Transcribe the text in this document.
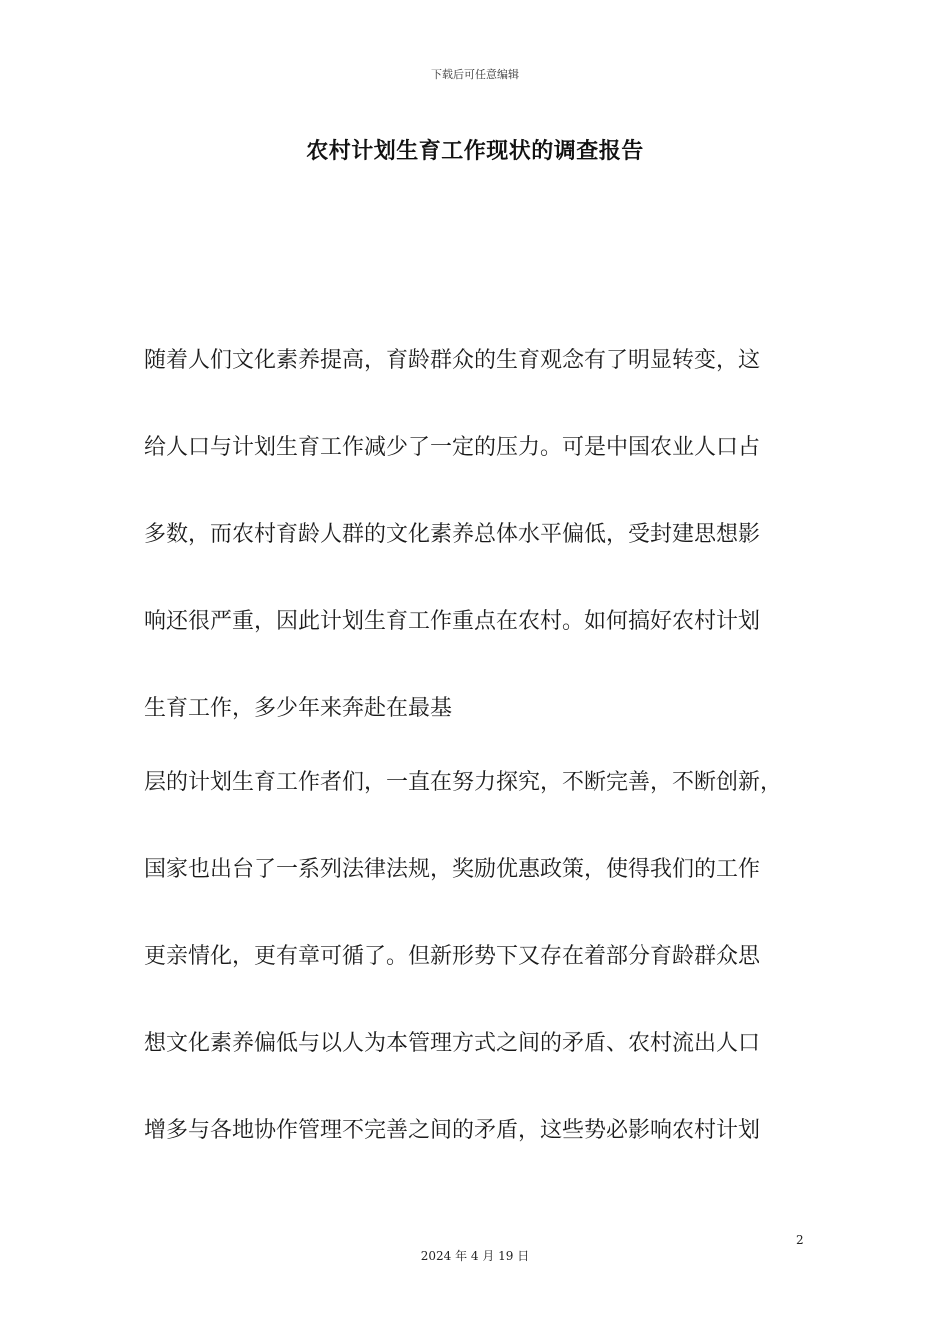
下载后可任意编辑
农村计划生育工作现状的调查报告
随着人们文化素养提高，育龄群众的生育观念有了明显转变，这
给人口与计划生育工作减少了一定的压力。可是中国农业人口占
多数，而农村育龄人群的文化素养总体水平偏低，受封建思想影
响还很严重，因此计划生育工作重点在农村。如何搞好农村计划
生育工作，多少年来奔赴在最基
层的计划生育工作者们，一直在努力探究，不断完善，不断创新，
国家也出台了一系列法律法规，奖励优惠政策，使得我们的工作
更亲情化，更有章可循了。但新形势下又存在着部分育龄群众思
想文化素养偏低与以人为本管理方式之间的矛盾、农村流出人口
增多与各地协作管理不完善之间的矛盾，这些势必影响农村计划
2
2024 年 4 月 19 日
